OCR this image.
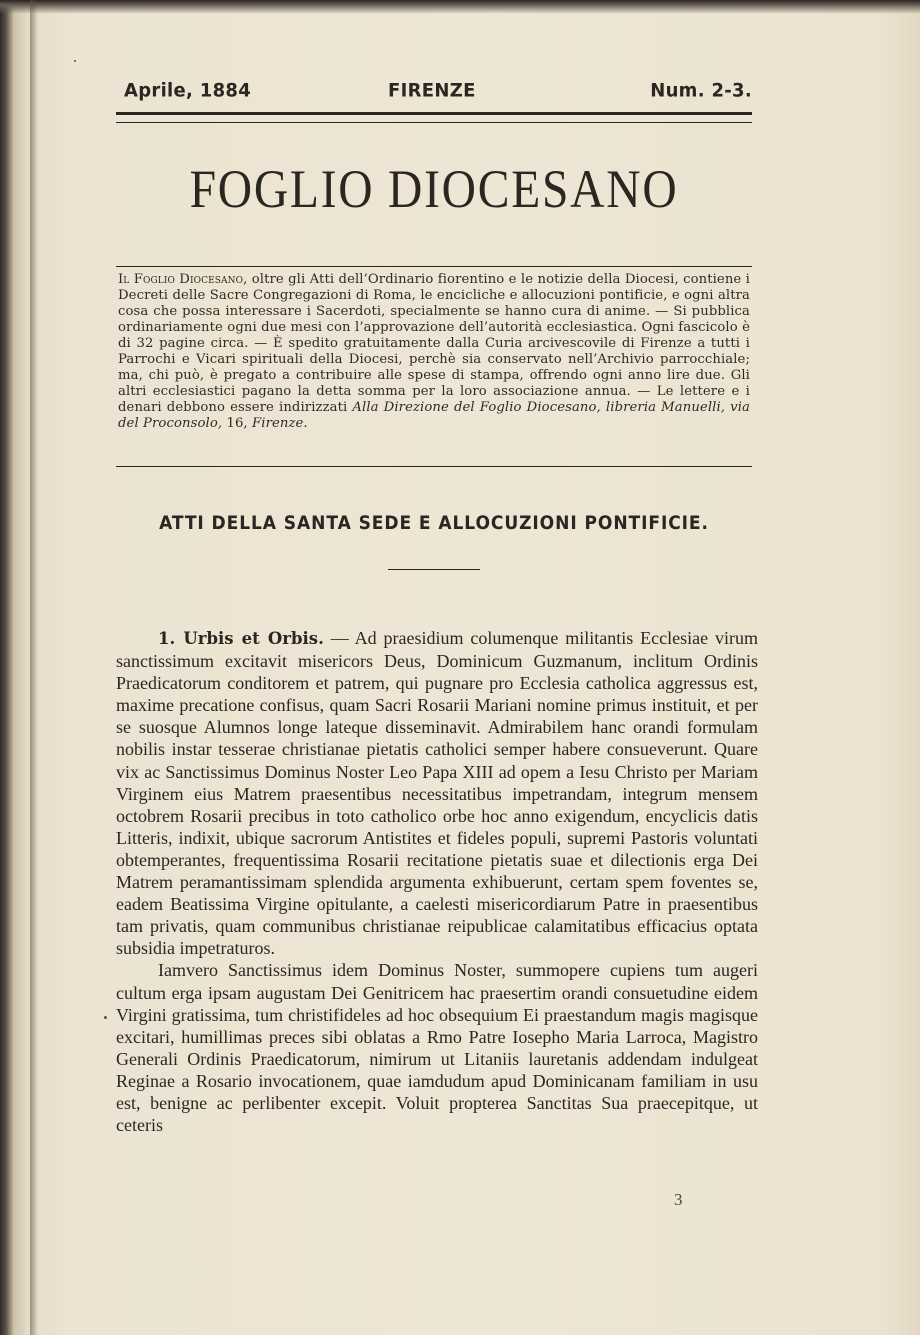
Aprile, 1884	FIRENZE	Num. 2-3.
FOGLIO DIOCESANO
Il Foglio Diocesano, oltre gli Atti dell’Ordinario fiorentino e le notizie della Diocesi, contiene i Decreti delle Sacre Congregazioni di Roma, le encicliche e allocuzioni pontificie, e ogni altra cosa che possa interessare i Sacerdoti, specialmente se hanno cura di anime. — Si pubblica ordinariamente ogni due mesi con l’approvazione dell’autorità ecclesiastica. Ogni fascicolo è di 32 pagine circa. — È spedito gratuitamente dalla Curia arcivescovile di Firenze a tutti i Parrochi e Vicari spirituali della Diocesi, perchè sia conservato nell’Archivio parrocchiale; ma, chi può, è pregato a contribuire alle spese di stampa, offrendo ogni anno lire due. Gli altri ecclesiastici pagano la detta somma per la loro associazione annua. — Le lettere e i denari debbono essere indirizzati Alla Direzione del Foglio Diocesano, libreria Manuelli, via del Proconsolo, 16, Firenze.
ATTI DELLA SANTA SEDE E ALLOCUZIONI PONTIFICIE.

1. Urbis et Orbis. — Ad praesidium columenque militantis Ecclesiae virum sanctissimum excitavit misericors Deus, Dominicum Guzmanum, inclitum Ordinis Praedicatorum conditorem et patrem, qui pugnare pro Ecclesia catholica aggressus est, maxime precatione confisus, quam Sacri Rosarii Mariani nomine primus instituit, et per se suosque Alumnos longe lateque disseminavit. Admirabilem hanc orandi formulam nobilis instar tesserae christianae pietatis catholici semper habere consueverunt. Quare vix ac Sanctissimus Dominus Noster Leo Papa XIII ad opem a Iesu Christo per Mariam Virginem eius Matrem praesentibus necessitatibus impetrandam, integrum mensem octobrem Rosarii precibus in toto catholico orbe hoc anno exigendum, encyclicis datis Litteris, indixit, ubique sacrorum Antistites et fideles populi, supremi Pastoris voluntati obtemperantes, frequentissima Rosarii recitatione pietatis suae et dilectionis erga Dei Matrem peramantissimam splendida argumenta exhibuerunt, certam spem foventes se, eadem Beatissima Virgine opitulante, a caelesti misericordiarum Patre in praesentibus tam privatis, quam communibus christianae reipublicae calamitatibus efficacius optata subsidia impetraturos.

Iamvero Sanctissimus idem Dominus Noster, summopere cupiens tum augeri cultum erga ipsam augustam Dei Genitricem hac praesertim orandi consuetudine eidem Virgini gratissima, tum christifideles ad hoc obsequium Ei praestandum magis magisque excitari, humillimas preces sibi oblatas a Rmo Patre Iosepho Maria Larroca, Magistro Generali Ordinis Praedicatorum, nimirum ut Litaniis lauretanis addendam indulgeat Reginae a Rosario invocationem, quae iamdudum apud Dominicanam familiam in usu est, benigne ac perlibenter excepit. Voluit propterea Sanctitas Sua praecepitque, ut ceteris

3
